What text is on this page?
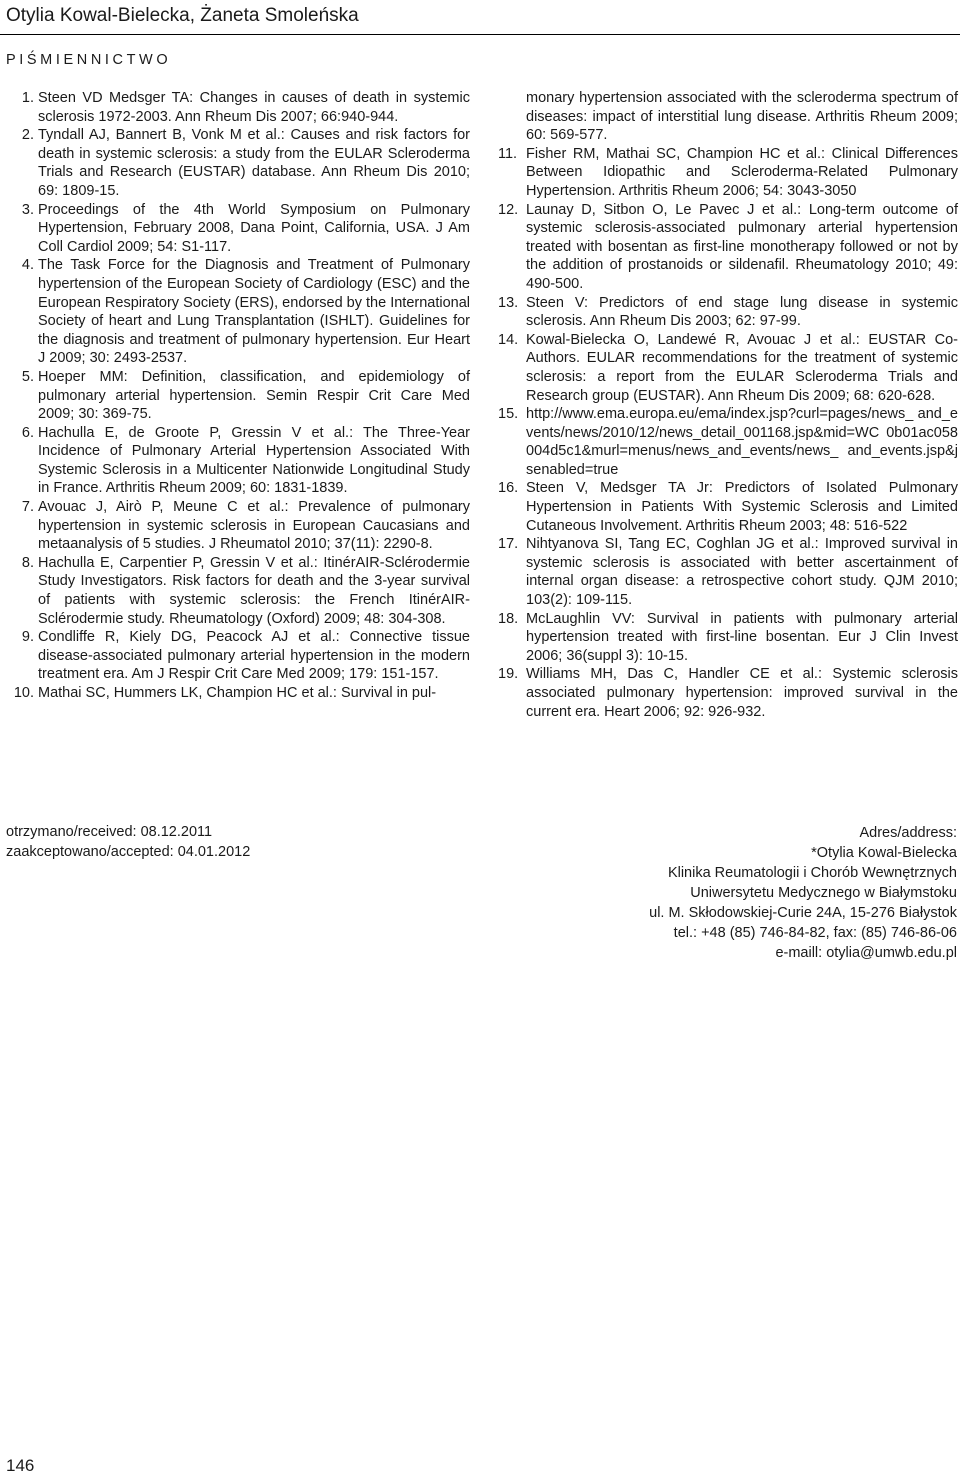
Otylia Kowal-Bielecka, Żaneta Smoleńska
PIŚMIENNICTWO
1. Steen VD Medsger TA: Changes in causes of death in systemic sclerosis 1972-2003. Ann Rheum Dis 2007; 66:940-944.
2. Tyndall AJ, Bannert B, Vonk M et al.: Causes and risk factors for death in systemic sclerosis: a study from the EULAR Scleroderma Trials and Research (EUSTAR) database. Ann Rheum Dis 2010; 69: 1809-15.
3. Proceedings of the 4th World Symposium on Pulmonary Hypertension, February 2008, Dana Point, California, USA. J Am Coll Cardiol 2009; 54: S1-117.
4. The Task Force for the Diagnosis and Treatment of Pulmonary hypertension of the European Society of Cardiology (ESC) and the European Respiratory Society (ERS), endorsed by the International Society of heart and Lung Transplantation (ISHLT). Guidelines for the diagnosis and treatment of pulmonary hypertension. Eur Heart J 2009; 30: 2493-2537.
5. Hoeper MM: Definition, classification, and epidemiology of pulmonary arterial hypertension. Semin Respir Crit Care Med 2009; 30: 369-75.
6. Hachulla E, de Groote P, Gressin V et al.: The Three-Year Incidence of Pulmonary Arterial Hypertension Associated With Systemic Sclerosis in a Multicenter Nationwide Longitudinal Study in France. Arthritis Rheum 2009; 60: 1831-1839.
7. Avouac J, Airò P, Meune C et al.: Prevalence of pulmonary hypertension in systemic sclerosis in European Caucasians and metaanalysis of 5 studies. J Rheumatol 2010; 37(11): 2290-8.
8. Hachulla E, Carpentier P, Gressin V et al.: ItinérAIR-Sclérodermie Study Investigators. Risk factors for death and the 3-year survival of patients with systemic sclerosis: the French ItinérAIR-Sclérodermie study. Rheumatology (Oxford) 2009; 48: 304-308.
9. Condliffe R, Kiely DG, Peacock AJ et al.: Connective tissue disease-associated pulmonary arterial hypertension in the modern treatment era. Am J Respir Crit Care Med 2009; 179: 151-157.
10. Mathai SC, Hummers LK, Champion HC et al.: Survival in pul-
monary hypertension associated with the scleroderma spectrum of diseases: impact of interstitial lung disease. Arthritis Rheum 2009; 60: 569-577.
11. Fisher RM, Mathai SC, Champion HC et al.: Clinical Differences Between Idiopathic and Scleroderma-Related Pulmonary Hypertension. Arthritis Rheum 2006; 54: 3043-3050
12. Launay D, Sitbon O, Le Pavec J et al.: Long-term outcome of systemic sclerosis-associated pulmonary arterial hypertension treated with bosentan as first-line monotherapy followed or not by the addition of prostanoids or sildenafil. Rheumatology 2010; 49: 490-500.
13. Steen V: Predictors of end stage lung disease in systemic sclerosis. Ann Rheum Dis 2003; 62: 97-99.
14. Kowal-Bielecka O, Landewé R, Avouac J et al.: EUSTAR Co-Authors. EULAR recommendations for the treatment of systemic sclerosis: a report from the EULAR Scleroderma Trials and Research group (EUSTAR). Ann Rheum Dis 2009; 68: 620-628.
15. http://www.ema.europa.eu/ema/index.jsp?curl=pages/news_ and_events/news/2010/12/news_detail_001168.jsp&mid=WC 0b01ac058004d5c1&murl=menus/news_and_events/news_ and_events.jsp&jsenabled=true
16. Steen V, Medsger TA Jr: Predictors of Isolated Pulmonary Hypertension in Patients With Systemic Sclerosis and Limited Cutaneous Involvement. Arthritis Rheum 2003; 48: 516-522
17. Nihtyanova SI, Tang EC, Coghlan JG et al.: Improved survival in systemic sclerosis is associated with better ascertainment of internal organ disease: a retrospective cohort study. QJM 2010; 103(2): 109-115.
18. McLaughlin VV: Survival in patients with pulmonary arterial hypertension treated with first-line bosentan. Eur J Clin Invest 2006; 36(suppl 3): 10-15.
19. Williams MH, Das C, Handler CE et al.: Systemic sclerosis associated pulmonary hypertension: improved survival in the current era. Heart 2006; 92: 926-932.
otrzymano/received: 08.12.2011
zaakceptowano/accepted: 04.01.2012
Adres/address:
*Otylia Kowal-Bielecka
Klinika Reumatologii i Chorób Wewnętrznych
Uniwersytetu Medycznego w Białymstoku
ul. M. Skłodowskiej-Curie 24A, 15-276 Białystok
tel.: +48 (85) 746-84-82, fax: (85) 746-86-06
e-maill: otylia@umwb.edu.pl
146
